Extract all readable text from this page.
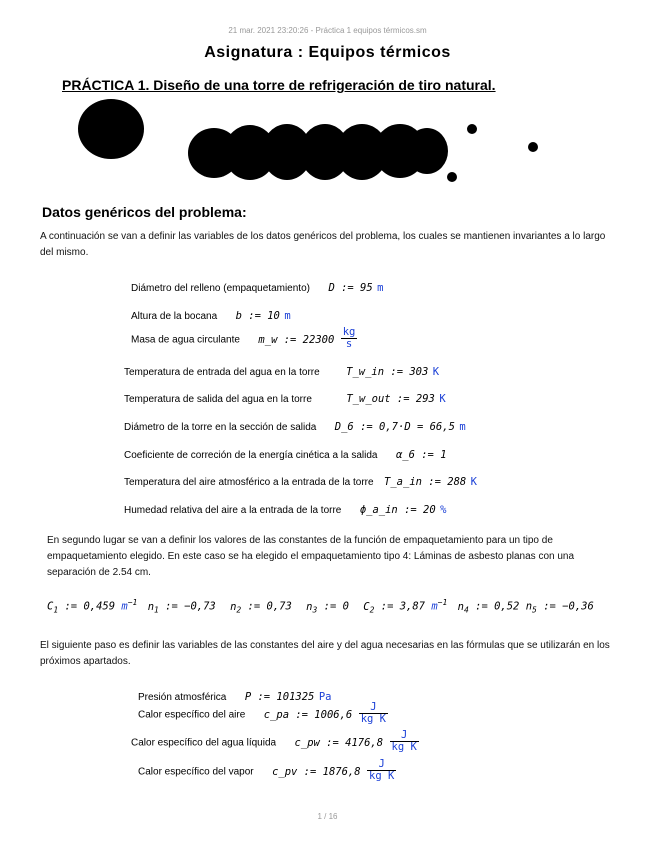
21 mar. 2021 23:20:26 - Práctica 1 equipos térmicos.sm
Asignatura : Equipos térmicos
PRÁCTICA 1. Diseño de una torre de refrigeración de tiro natural.
Datos genéricos del problema:
A continuación se van a definir las variables de los datos genéricos del problema, los cuales se mantienen invariantes a lo largo del mismo.
Diámetro del relleno (empaquetamiento) D := 95 m
Altura de la bocana b := 10 m
Masa de agua circulante m_w := $22300 \frac{kg}{s}$
Temperatura de entrada del agua en la torre	T_w_in := 303 K
Temperatura de salida del agua en la torre	T_w_out := 293 K
Diámetro de la torre en la sección de salida D_6 := 0,7·D = 66,5 m
Coeficiente de correción de la energía cinética a la salida α_6 := 1
Temperatura del aire atmosférico a la entrada de la torre T_a_in := 288 K
Humedad relativa del aire a la entrada de la torre ϕ_a_in := 20 %
En segundo lugar se van a definir los valores de las constantes de la función de empaquetamiento para un tipo de empaquetamiento elegido. En este caso se ha elegido el empaquetamiento tipo 4: Láminas de asbesto planas con una separación de 2.54 cm.
$C_1$ := 0,459 $m^{-1}$ $n_1$ := −0,73 $n_2$ := 0,73 $n_3$ := 0 $C_2$ := 3,87 $m^{-1}$ $n_4$ := 0,52 $n_5$ := −0,36
El siguiente paso es definir las variables de las constantes del aire y del agua necesarias en las fórmulas que se utilizarán en los próximos apartados.
Presión atmosférica P := 101325 Pa
Calor específico del aire c_pa := $1006,6 \frac{J}{\text{kg K}}$
Calor específico del agua líquida c_pw := $4176,8 \frac{J}{\text{kg K}}$
Calor específico del vapor c_pv := $1876,8 \frac{J}{\text{kg K}}$
1 / 16
